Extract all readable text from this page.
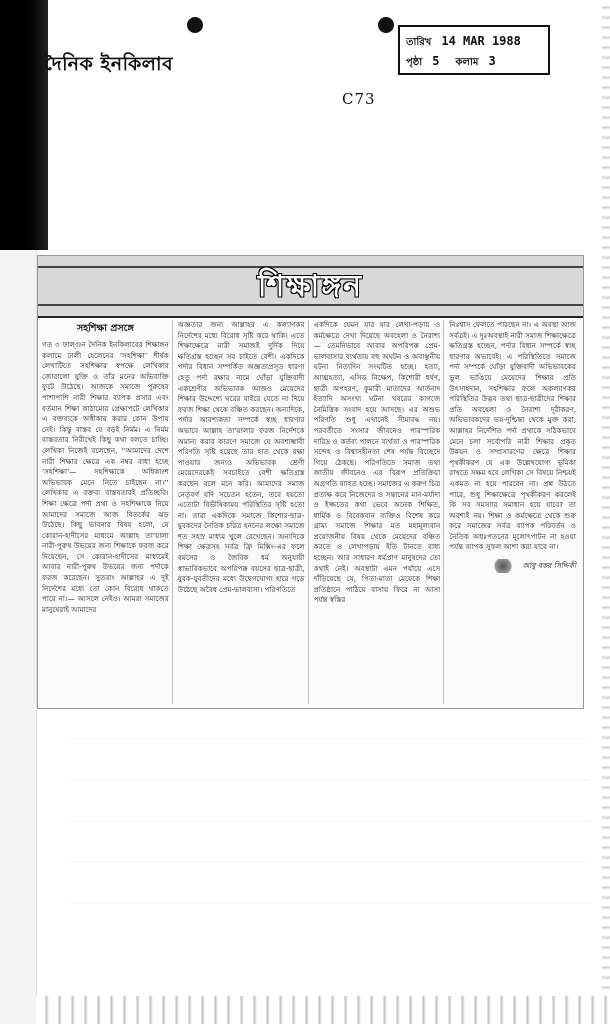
দৈনিক ইনকিলাব
তারিখ 14 MAR 1988
পৃষ্ঠা 5 কলাম 3
C73
শিক্ষাঙ্গন
সহশিক্ষা প্রসঙ্গে

গত ৩ ফাল্গুন দৈনিক ইনকিলাবের শিক্ষাঙ্গন কলামে ঢালী হেলেনের ‘সহশিক্ষা’ শীর্ষক লেখাটিতে সহশিক্ষার স্বপক্ষে লেখিকার জোরালো যুক্তি ও তাঁর মনের অভিব্যক্তি ফুটে উঠেছে। আজকে সমাজে পুরুষের পাশাপাশি নারী শিক্ষার ব্যাপক প্রসার এবং বর্তমান শিক্ষা কাঠামোর প্রেক্ষাপটে লেখিকার এ বক্তব্যকে অস্বীকার করার কোন উপায় নেই। কিন্তু বাস্তব যে বড়ই নির্মম। এ নির্মম বাস্তবতার নিরীখেই কিছু কথা বলতে চাচ্ছি। লেখিকা নিজেই বলেছেন, ‘‘আমাদের দেশে নারী শিক্ষার ক্ষেত্রে এক নম্বর বাধা হচ্ছে ‘সহশিক্ষা’— সহশিক্ষাকে অধিকাংশ অভিভাবক মেনে নিতে চাইছেন না।’’ লেখিকার এ বক্তব্য বাস্তবতারই প্রতিচ্ছবি। শিক্ষা ক্ষেত্রে পর্দা প্রথা ও সহশিক্ষাকে নিয়ে আমাদের সমাজে আজ বিতর্কের ঝড় উঠেছে। কিছু ভাবনার বিষয় হলো, যে কোরান-হাদীসের মাধ্যমে আল্লাহ তা'য়ালা নারী-পুরুষ উভয়ের জন্য শিক্ষাকে ফরজ করে দিয়েছেন, সে কোরান-হাদীসের মাধ্যমেই আবার নারী-পুরুষ উভয়ের জন্য পর্দাকে ফরজ করেছেন। সুতরাং আল্লাহর এ দুই নির্দেশের মধ্যে তো কোন বিরোধ থাকতে পারে না।— আসলে নেইও। আমরা সমাজের মানুষেরাই আমাদের

অজ্ঞতার জন্য আল্লাহর এ কল্যাণকর নির্দেশের মধ্যে বিরোধ সৃষ্টি করে থাকি। এতে শিক্ষাক্ষেত্রে নারী সমাজই দুর্দিক দিয়ে ক্ষতিগ্রস্ত হচ্ছেন সব চাইতে বেশী। একদিকে পর্দার বিধান সম্পর্কিত অজ্ঞতাপ্রসূত ধারণা হেতু পর্দা রক্ষার নামে ঘোঁড়া যুক্তিবাদী একশ্রেণীর অভিভাবক আজও মেয়েদের শিক্ষার উদ্দেশ্যে ঘরের বাইরে যেতে না দিয়ে ফরজ শিক্ষা থেকে বঞ্চিত করছেন। অন্যদিকে, পর্দার আবশ্যকতা সম্পর্কে স্বচ্ছ ধারণার অভাবে আল্লাহ তা'য়ালার ফরজ নির্দেশকে অমান্য করার কারণে সমাজে যে অবশ্যম্ভাবী পরিণতি সৃষ্টি হয়েছে তার হাত থেকে রক্ষা পাওয়ার জন্যও অভিভাবক শ্রেণী মেয়েদেরকেই সবচাইতে বেশী ক্ষতিগ্রস্ত করছেন বলে মনে করি। আমাদের সমাজ নেতৃবর্গ যদি সচেতন হতেন, তবে হয়তো এতোটা বিভীষিকাময় পরিস্থিতির সৃষ্টি হতো না। তারা একদিকে সমাজে কিশোর-ছাত্র-যুবকদের নৈতিক চরিত্র হননের লক্ষ্যে সমাজে শত সহস্র মাধ্যম খুলে রেখেছেন। অন্যদিকে শিক্ষা ক্ষেত্রসহ সর্বত্র ফ্রি মিক্সিং-এর ফলে বয়সের ও জৈবিক ধর্ম অনুযায়ী স্বাভাবিকভাবে অপরিপক্ক বয়সের ছাত্র-ছাত্রী, যুবক-যুবতীদের মধ্যে উদ্বেগযোগ্য হারে গড়ে উঠেছে অবৈধ প্রেম-ভালবাসা। পরিণতিতে

একদিকে যেমন যার যার লেখা-পড়ায় ও কর্মক্ষেত্রে দেখা দিয়েছে অবহেলা ও নৈরাশ্য— তেমনিভাবে আবার অপরিপক্ক প্রেম-ভালবাসার ব্যর্থতায় বহু অঘটন ও অবাঞ্ছনীয় ঘটনা নিত্যদিন সংঘটিত হচ্ছে। হত্যা, আত্মহত্যা, এসিড নিক্ষেপ, কিশোরী ধর্ষণ, ছাত্রী অপহরণ, কুমারী মাতাদের আর্তনাদ ইত্যাদি অসংখ্য ঘটনা খবরের কাগজে নৈমিত্তিক সংবাদ হয়ে আসছে। এর অশুভ পরিণতি শুধু এখানেই সীমাবদ্ধ নয়। পরবর্তীতে সংসার জীবনেও পারস্পরিক দারিদ্র ও কর্তব্য পালনে ব্যর্থতা ও পারস্পরিক সন্দেহ ও বিশ্বাসহীনতা শেষ পর্যন্ত বিচ্ছেদে গিয়ে ঠেকছে। পরিণতিতে সমাজ তথা জাতীয় জীবনেও এর বিরূপ প্রতিক্রিয়া অগ্রগতি ব্যাহত হচ্ছে। সমাজের এ করুণ চিত্র প্রত্যক্ষ করে নিজেদের ও সন্তানের মান-মর্যাদা ও ইজ্জতের কথা ভেবে অনেক শিক্ষিত, ধার্মিক ও বিবেকবান ব্যক্তিও বিশেষ করে গ্রাম্য সমাজে শিক্ষার মত মহামূল্যবান প্রয়োজনীয় বিষয় থেকে মেয়েদের বঞ্চিত করতে ও লেখাপড়ায় ইতি টানতে বাধ্য হচ্ছেন। আর সাধারণ ধর্মপ্রাণ মানুষদের তো কথাই নেই। অবস্থাটা এমন পর্যায়ে এসে দাঁড়িয়েছে যে, পিতা-মাতা মেয়েকে শিক্ষা প্রতিষ্ঠানে পাঠিয়ে বাসায় ফিরে না আসা পর্যন্ত স্বস্তির

নিঃশ্বাস ফেলতে পারছেন না। এ অবস্থা আজ সর্বত্রই। এ দুঃঅবস্থাই নারী সমাজ শিক্ষাক্ষেত্রে ক্ষতিগ্রস্ত হচ্ছেন, পর্দার বিধান সম্পর্কে স্বচ্ছ ধারণার অভাবেই। এ পরিস্থিতিতে সমাজে পর্দা সম্পর্কে ঘোঁড়া যুক্তিবাদী অভিভাবকের ভুল ভাঙিয়ে মেয়েদের শিক্ষার প্রতি উৎসাহদান, সহশিক্ষার ফলে অকল্যাণকর পরিস্থিতির উদ্ভব তথা ছাত্র-ছাত্রীদের শিক্ষার প্রতি অবহেলা ও নৈরাশ্য দূরীকরণ, অভিভাবকদের ভয়-দুশ্চিন্তা থেকে মুক্ত করা, আল্লাহর নির্দেশিত পর্দা প্রথাকে সঠিকভাবে মেনে চলা সর্বোপরি নারী শিক্ষার প্রকৃত উন্নয়ন ও সম্প্রসারণের ক্ষেত্রে শিক্ষার পৃথকীকরণ যে এক উল্লেখযোগ্য ভূমিকা রাখতে সক্ষম হবে লেখিকা সে বিষয়ে নিশ্চয়ই একমত না হয়ে পারবেন না। প্রশ্ন উঠতে পারে, শুধু শিক্ষাক্ষেত্রে পৃথকীকরণ করলেই কি সব সমস্যার সমাধান হয়ে যাবে? তা অবশ্যই নয়। শিক্ষা ও কর্মক্ষেত্রে থেকে শুরু করে সমাজের সর্বত্র ব্যাপক পরিবর্তন ও নৈতিক অধঃপতনের মূলোৎপাটন না হওয়া পর্যন্ত ব্যাপক সুফল আশা করা যাবে না।

আবু বকর সিদ্দিকী
